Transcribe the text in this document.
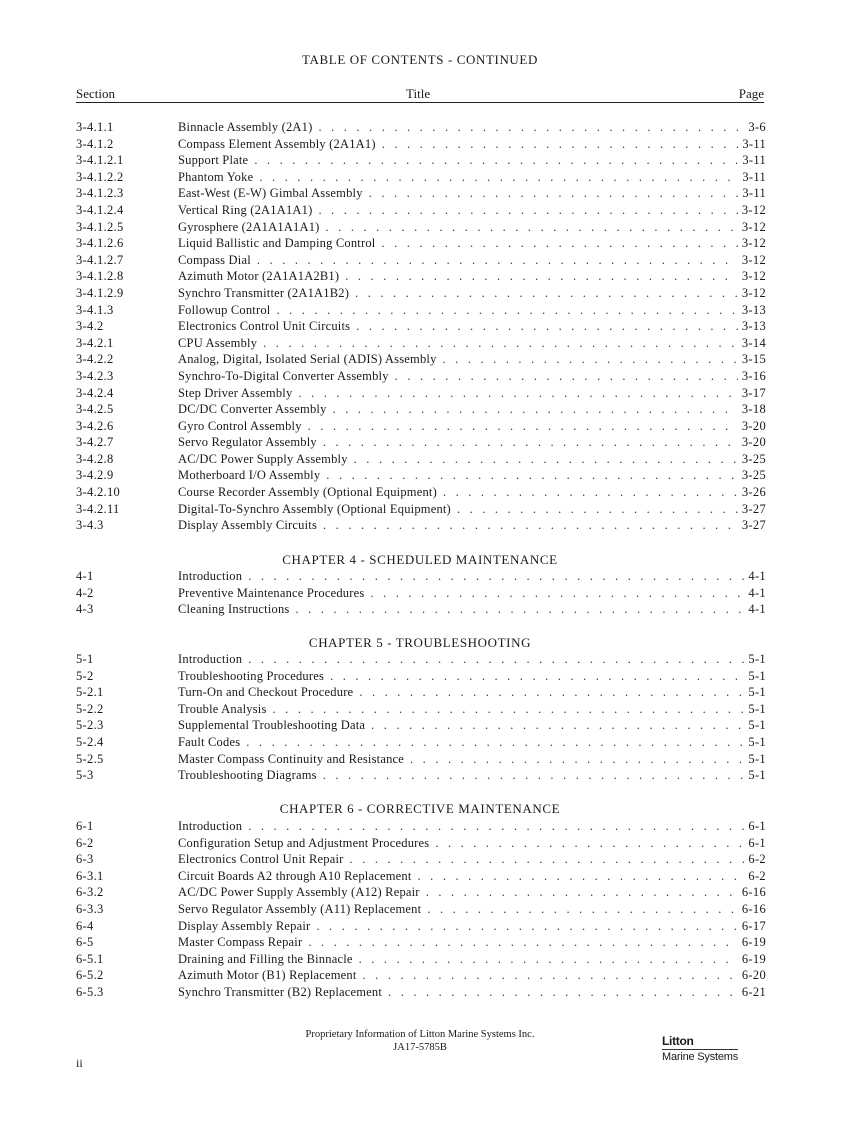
TABLE OF CONTENTS - CONTINUED
Section	Title	Page
3-4.1.1	Binnacle Assembly (2A1) . . .	3-6
3-4.1.2	Compass Element Assembly (2A1A1) . . .	3-11
3-4.1.2.1	Support Plate . . .	3-11
3-4.1.2.2	Phantom Yoke . . .	3-11
3-4.1.2.3	East-West (E-W) Gimbal Assembly . . .	3-11
3-4.1.2.4	Vertical Ring (2A1A1A1) . . .	3-12
3-4.1.2.5	Gyrosphere (2A1A1A1A1) . . .	3-12
3-4.1.2.6	Liquid Ballistic and Damping Control . . .	3-12
3-4.1.2.7	Compass Dial . . .	3-12
3-4.1.2.8	Azimuth Motor (2A1A1A2B1) . . .	3-12
3-4.1.2.9	Synchro Transmitter (2A1A1B2) . . .	3-12
3-4.1.3	Followup Control . . .	3-13
3-4.2	Electronics Control Unit Circuits . . .	3-13
3-4.2.1	CPU Assembly . . .	3-14
3-4.2.2	Analog, Digital, Isolated Serial (ADIS) Assembly . . .	3-15
3-4.2.3	Synchro-To-Digital Converter Assembly . . .	3-16
3-4.2.4	Step Driver Assembly . . .	3-17
3-4.2.5	DC/DC Converter Assembly . . .	3-18
3-4.2.6	Gyro Control Assembly . . .	3-20
3-4.2.7	Servo Regulator Assembly . . .	3-20
3-4.2.8	AC/DC Power Supply Assembly . . .	3-25
3-4.2.9	Motherboard I/O Assembly . . .	3-25
3-4.2.10	Course Recorder Assembly (Optional Equipment) . . .	3-26
3-4.2.11	Digital-To-Synchro Assembly (Optional Equipment) . . .	3-27
3-4.3	Display Assembly Circuits . . .	3-27
CHAPTER 4 - SCHEDULED MAINTENANCE
4-1	Introduction . . .	4-1
4-2	Preventive Maintenance Procedures . . .	4-1
4-3	Cleaning Instructions . . .	4-1
CHAPTER 5 - TROUBLESHOOTING
5-1	Introduction . . .	5-1
5-2	Troubleshooting Procedures . . .	5-1
5-2.1	Turn-On and Checkout Procedure . . .	5-1
5-2.2	Trouble Analysis . . .	5-1
5-2.3	Supplemental Troubleshooting Data . . .	5-1
5-2.4	Fault Codes . . .	5-1
5-2.5	Master Compass Continuity and Resistance . . .	5-1
5-3	Troubleshooting Diagrams . . .	5-1
CHAPTER 6 - CORRECTIVE MAINTENANCE
6-1	Introduction . . .	6-1
6-2	Configuration Setup and Adjustment Procedures . . .	6-1
6-3	Electronics Control Unit Repair . . .	6-2
6-3.1	Circuit Boards A2 through A10 Replacement . . .	6-2
6-3.2	AC/DC Power Supply Assembly (A12) Repair . . .	6-16
6-3.3	Servo Regulator Assembly (A11) Replacement . . .	6-16
6-4	Display Assembly Repair . . .	6-17
6-5	Master Compass Repair . . .	6-19
6-5.1	Draining and Filling the Binnacle . . .	6-19
6-5.2	Azimuth Motor (B1) Replacement . . .	6-20
6-5.3	Synchro Transmitter (B2) Replacement . . .	6-21
Proprietary Information of Litton Marine Systems Inc.
JA17-5785B
ii
Litton
Marine Systems
